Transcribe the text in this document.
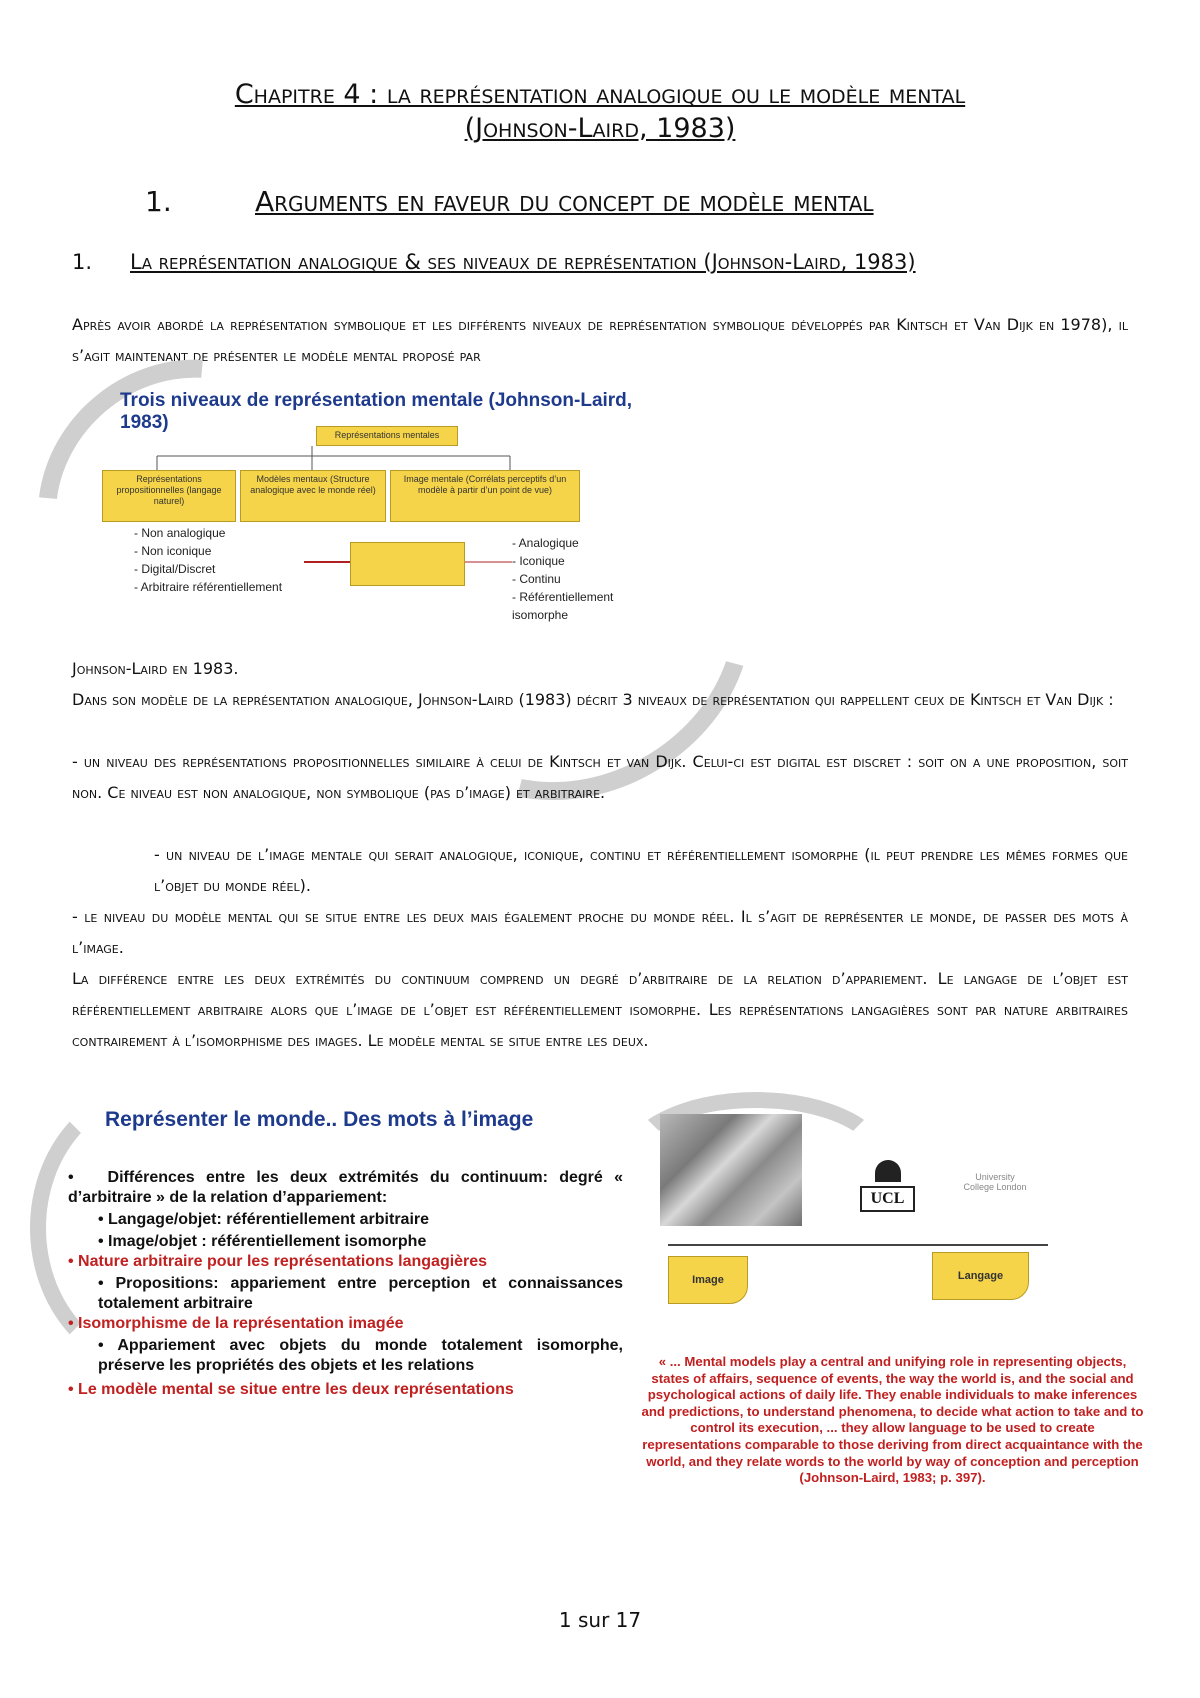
Chapitre 4 : la représentation analogique ou le modèle mental
(Johnson-Laird, 1983)
1.	Arguments en faveur du concept de modèle mental
1. La représentation analogique & ses niveaux de représentation (Johnson-Laird, 1983)
Après avoir abordé la représentation symbolique et les différents niveaux de représentation symbolique développés par Kintsch et Van Dijk en 1978), il s’agit maintenant de présenter le modèle mental proposé par
Trois niveaux de représentation mentale (Johnson-Laird, 1983)
Représentations mentales
Représentations propositionnelles (langage naturel)
Modèles mentaux (Structure analogique avec le monde réel)
Image mentale (Corrélats perceptifs d’un modèle à partir d’un point de vue)
- Non analogique
- Non iconique
- Digital/Discret
- Arbitraire référentiellement
- Analogique
- Iconique
- Continu
- Référentiellement isomorphe
Johnson-Laird en 1983.
Dans son modèle de la représentation analogique, Johnson-Laird (1983) décrit 3 niveaux de représentation qui rappellent ceux de Kintsch et Van Dijk :
- un niveau des représentations propositionnelles similaire à celui de Kintsch et van Dijk. Celui-ci est digital est discret : soit on a une proposition, soit non. Ce niveau est non analogique, non symbolique (pas d’image) et arbitraire.
- un niveau de l’image mentale qui serait analogique, iconique, continu et référentiellement isomorphe (il peut prendre les mêmes formes que l’objet du monde réel).
- le niveau du modèle mental qui se situe entre les deux mais également proche du monde réel. Il s’agit de représenter le monde, de passer des mots à l’image.
La différence entre les deux extrémités du continuum comprend un degré d’arbitraire de la relation d’appariement. Le langage de l’objet est référentiellement arbitraire alors que l’image de l’objet est référentiellement isomorphe. Les représentations langagières sont par nature arbitraires contrairement à l’isomorphisme des images. Le modèle mental se situe entre les deux.
Représenter le monde.. Des mots à l’image
•   Différences entre les deux extrémités du continuum: degré « d’arbitraire » de la relation d’appariement:
• Langage/objet: référentiellement arbitraire
• Image/objet : référentiellement isomorphe
• Nature arbitraire pour les représentations langagières
• Propositions: appariement entre perception et connaissances totalement arbitraire
• Isomorphisme de la représentation imagée
• Appariement avec objets du monde totalement isomorphe, préserve les propriétés des objets et les relations
• Le modèle mental se situe entre les deux représentations
UCL
University College London
Image	Langage
« ... Mental models play a central and unifying role in representing objects, states of affairs, sequence of events, the way the world is, and the social and psychological actions of daily life. They enable individuals to make inferences and predictions, to understand phenomena, to decide what action to take and to control its execution, ... they allow language to be used to create representations comparable to those deriving from direct acquaintance with the world, and they relate words to the world by way of conception and perception (Johnson-Laird, 1983; p. 397).
1 sur 17
